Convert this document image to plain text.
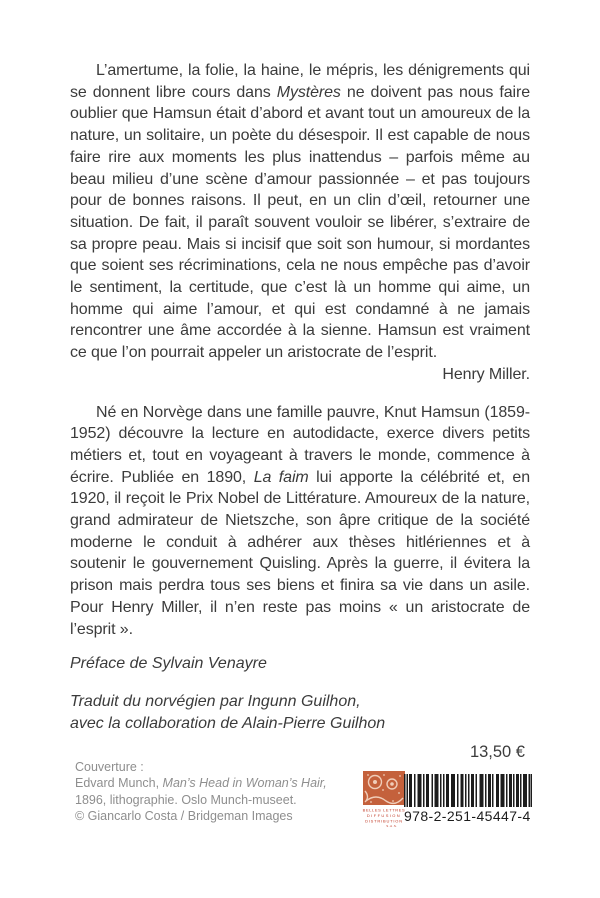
L’amertume, la folie, la haine, le mépris, les dénigrements qui se donnent libre cours dans Mystères ne doivent pas nous faire oublier que Hamsun était d’abord et avant tout un amoureux de la nature, un solitaire, un poète du désespoir. Il est capable de nous faire rire aux moments les plus inattendus – parfois même au beau milieu d’une scène d’amour passionnée – et pas toujours pour de bonnes raisons. Il peut, en un clin d’œil, retourner une situation. De fait, il paraît souvent vouloir se libérer, s’extraire de sa propre peau. Mais si incisif que soit son humour, si mordantes que soient ses récriminations, cela ne nous empêche pas d’avoir le sentiment, la certitude, que c’est là un homme qui aime, un homme qui aime l’amour, et qui est condamné à ne jamais rencontrer une âme accordée à la sienne. Hamsun est vraiment ce que l’on pourrait appeler un aristocrate de l’esprit.

Henry Miller.

Né en Norvège dans une famille pauvre, Knut Hamsun (1859-1952) découvre la lecture en autodidacte, exerce divers petits métiers et, tout en voyageant à travers le monde, commence à écrire. Publiée en 1890, La faim lui apporte la célébrité et, en 1920, il reçoit le Prix Nobel de Littérature. Amoureux de la nature, grand admirateur de Nietszche, son âpre critique de la société moderne le conduit à adhérer aux thèses hitlériennes et à soutenir le gouvernement Quisling. Après la guerre, il évitera la prison mais perdra tous ses biens et finira sa vie dans un asile. Pour Henry Miller, il n’en reste pas moins « un aristocrate de l’esprit ».

Préface de Sylvain Venayre

Traduit du norvégien par Ingunn Guilhon,
avec la collaboration de Alain-Pierre Guilhon

Couverture :
Edvard Munch, Man’s Head in Woman’s Hair,
1896, lithographie. Oslo Munch-museet.
© Giancarlo Costa / Bridgeman Images
13,50 €
BELLES LETTRES
DIFFUSION
DISTRIBUTION
S.A.S.
978-2-251-45447-4
